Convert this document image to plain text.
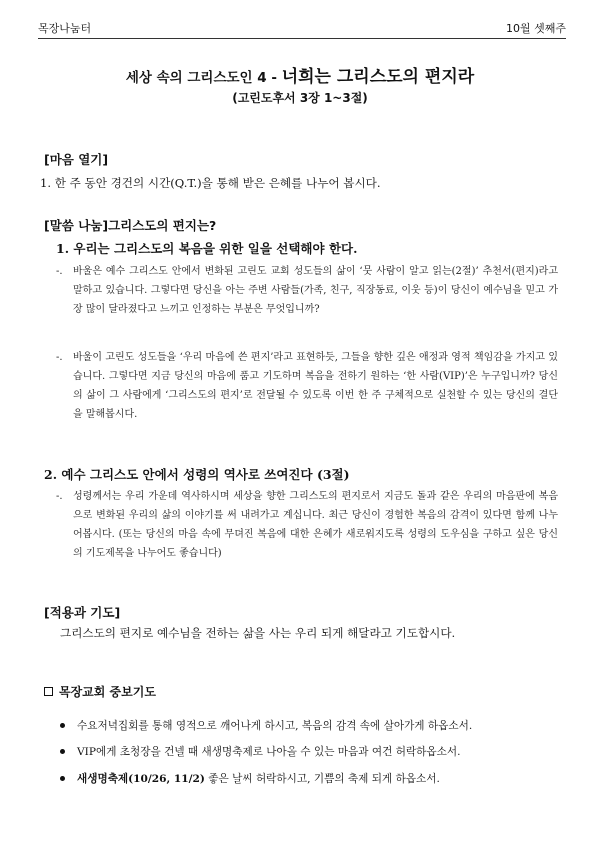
목장나눔터	10월 셋째주
세상 속의 그리스도인 4 - 너희는 그리스도의 편지라
(고린도후서 3장 1~3절)
[마음 열기]
1. 한 주 동안 경건의 시간(Q.T.)을 통해 받은 은혜를 나누어 봅시다.
[말씀 나눔]그리스도의 편지는?
1. 우리는 그리스도의 복음을 위한 일을 선택해야 한다.
-. 바울은 예수 그리스도 안에서 변화된 고린도 교회 성도들의 삶이 ‘뭇 사람이 알고 읽는(2절)’ 추천서(편지)라고 말하고 있습니다. 그렇다면 당신을 아는 주변 사람들(가족, 친구, 직장동료, 이웃 등)이 당신이 예수님을 믿고 가장 많이 달라졌다고 느끼고 인정하는 부분은 무엇입니까?
-. 바울이 고린도 성도들을 ‘우리 마음에 쓴 편지’라고 표현하듯, 그들을 향한 깊은 애정과 영적 책임감을 가지고 있습니다. 그렇다면 지금 당신의 마음에 품고 기도하며 복음을 전하기 원하는 ‘한 사람(VIP)’은 누구입니까? 당신의 삶이 그 사람에게 ‘그리스도의 편지’로 전달될 수 있도록 이번 한 주 구체적으로 실천할 수 있는 당신의 결단을 말해봅시다.
2. 예수 그리스도 안에서 성령의 역사로 쓰여진다 (3절)
-. 성령께서는 우리 가운데 역사하시며 세상을 향한 그리스도의 편지로서 지금도 돌과 같은 우리의 마음판에 복음으로 변화된 우리의 삶의 이야기를 써 내려가고 계십니다. 최근 당신이 경험한 복음의 감격이 있다면 함께 나누어봅시다. (또는 당신의 마음 속에 무뎌진 복음에 대한 은혜가 새로워지도록 성령의 도우심을 구하고 싶은 당신의 기도제목을 나누어도 좋습니다)
[적용과 기도]
그리스도의 편지로 예수님을 전하는 삶을 사는 우리 되게 해달라고 기도합시다.
목장교회 중보기도
수요저녁집회를 통해 영적으로 깨어나게 하시고, 복음의 감격 속에 살아가게 하옵소서.
VIP에게 초청장을 건넬 때 새생명축제로 나아올 수 있는 마음과 여건 허락하옵소서.
새생명축제(10/26, 11/2)
좋은 날씨 허락하시고, 기쁨의 축제 되게 하옵소서.
